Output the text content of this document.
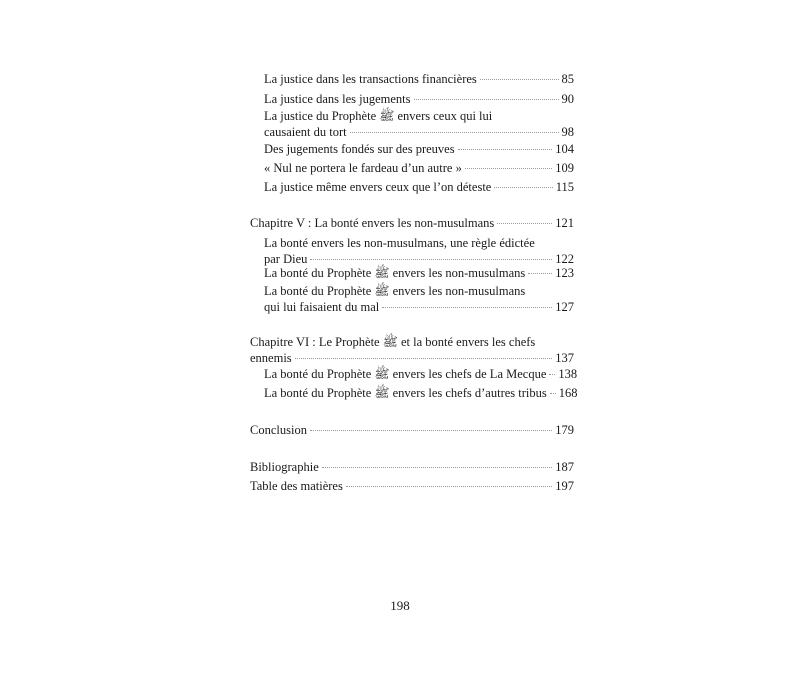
La justice dans les transactions financières	85
La justice dans les jugements	90
La justice du Prophète ﷺ envers ceux qui lui
causaient du tort	98
Des jugements fondés sur des preuves	104
« Nul ne portera le fardeau d’un autre »	109
La justice même envers ceux que l’on déteste	115
Chapitre V : La bonté envers les non-musulmans	121
La bonté envers les non-musulmans, une règle édictée
par Dieu	122
La bonté du Prophète ﷺ envers les non-musulmans 123
La bonté du Prophète ﷺ envers les non-musulmans
qui lui faisaient du mal	127
Chapitre VI : Le Prophète ﷺ et la bonté envers les chefs
ennemis	137
La bonté du Prophète ﷺ envers les chefs de La Mecque 138
La bonté du Prophète ﷺ envers les chefs d’autres tribus 168
Conclusion	179
Bibliographie	187
Table des matières	197
198
